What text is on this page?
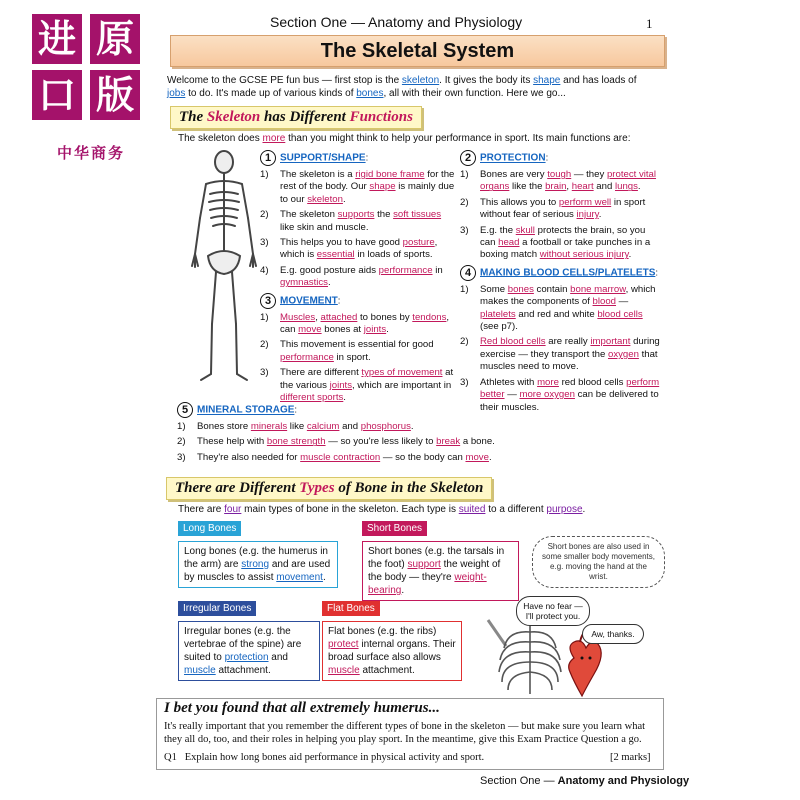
进 原
口 版
中华商务
Section One — Anatomy and Physiology	1
The Skeletal System
Welcome to the GCSE PE fun bus — first stop is the skeleton. It gives the body its shape and has loads of jobs to do. It's made up of various kinds of bones, all with their own function. Here we go...
The Skeleton has Different Functions
The skeleton does more than you might think to help your performance in sport. Its main functions are:
1 SUPPORT/SHAPE:
1) The skeleton is a rigid bone frame for the rest of the body. Our shape is mainly due to our skeleton.
2) The skeleton supports the soft tissues like skin and muscle.
3) This helps you to have good posture, which is essential in loads of sports.
4) E.g. good posture aids performance in gymnastics.
3 MOVEMENT:
1) Muscles, attached to bones by tendons, can move bones at joints.
2) This movement is essential for good performance in sport.
3) There are different types of movement at the various joints, which are important in different sports.
2 PROTECTION:
1) Bones are very tough — they protect vital organs like the brain, heart and lungs.
2) This allows you to perform well in sport without fear of serious injury.
3) E.g. the skull protects the brain, so you can head a football or take punches in a boxing match without serious injury.
4 MAKING BLOOD CELLS/PLATELETS:
1) Some bones contain bone marrow, which makes the components of blood — platelets and red and white blood cells (see p7).
2) Red blood cells are really important during exercise — they transport the oxygen that muscles need to move.
3) Athletes with more red blood cells perform better — more oxygen can be delivered to their muscles.
5 MINERAL STORAGE:
1) Bones store minerals like calcium and phosphorus.
2) These help with bone strength — so you're less likely to break a bone.
3) They're also needed for muscle contraction — so the body can move.
There are Different Types of Bone in the Skeleton
There are four main types of bone in the skeleton. Each type is suited to a different purpose.
Long Bones
Long bones (e.g. the humerus in the arm) are strong and are used by muscles to assist movement.
Short Bones
Short bones (e.g. the tarsals in the foot) support the weight of the body — they're weight-bearing.
Short bones are also used in some smaller body movements, e.g. moving the hand at the wrist.
Irregular Bones
Irregular bones (e.g. the vertebrae of the spine) are suited to protection and muscle attachment.
Flat Bones
Flat bones (e.g. the ribs) protect internal organs. Their broad surface also allows muscle attachment.
Have no fear — I'll protect you.
Aw, thanks.
I bet you found that all extremely humerus...
It's really important that you remember the different types of bone in the skeleton — but make sure you learn what they all do, too, and their roles in helping you play sport. In the meantime, give this Exam Practice Question a go.
Q1 Explain how long bones aid performance in physical activity and sport.	[2 marks]
Section One — Anatomy and Physiology
